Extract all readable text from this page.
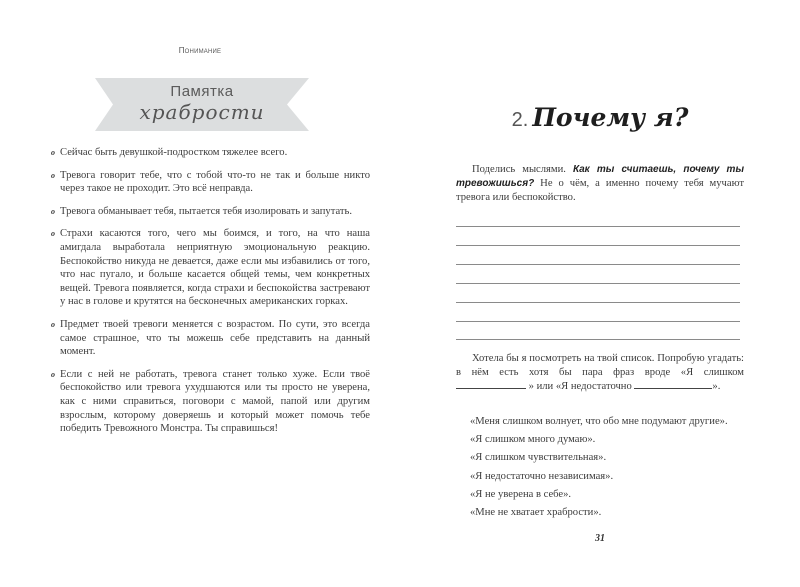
Понимание
Памятка
храбрости
o Сейчас быть девушкой-подростком тяжелее всего.
o Тревога говорит тебе, что с тобой что-то не так и больше никто через такое не проходит. Это всё неправда.
o Тревога обманывает тебя, пытается тебя изолировать и запутать.
o Страхи касаются того, чего мы боимся, и того, на что наша амигдала выработала неприятную эмоциональную реакцию. Беспокойство никуда не девается, даже если мы избавились от того, что нас пугало, и больше касается общей темы, чем конкретных вещей. Тревога появляется, когда страхи и беспокойства застревают у нас в голове и крутятся на бесконечных американских горках.
o Предмет твоей тревоги меняется с возрастом. По сути, это всегда самое страшное, что ты можешь себе представить на данный момент.
o Если с ней не работать, тревога станет только хуже. Если твоё беспокойство или тревога ухудшаются или ты просто не уверена, как с ними справиться, поговори с мамой, папой или другим взрослым, которому доверяешь и который может помочь тебе победить Тревожного Монстра. Ты справишься!
2. Почему я?

Поделись мыслями. Как ты считаешь, почему ты тревожишься? Не о чём, а именно почему тебя мучают тревога или беспокойство.

Хотела бы я посмотреть на твой список. Попробую угадать: в нём есть хотя бы пара фраз вроде «Я слишком  » или «Я недостаточно	».

«Меня слишком волнует, что обо мне подумают другие».
«Я слишком много думаю».
«Я слишком чувствительная».
«Я недостаточно независимая».
«Я не уверена в себе».
«Мне не хватает храбрости».
31
